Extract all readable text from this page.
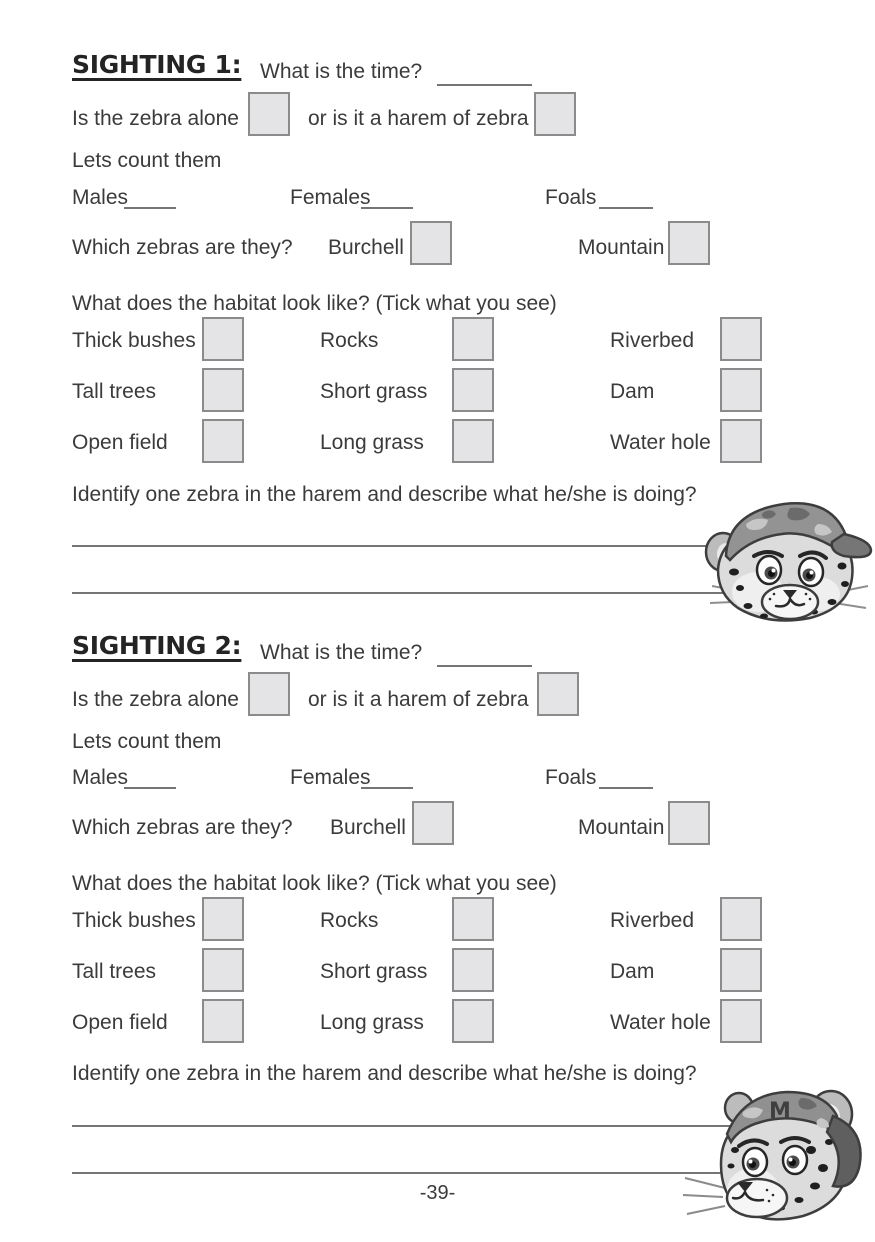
SIGHTING 1: What is the time?
Is the zebra alone	or is it a harem of zebra
Lets count them
Males	Females	Foals
Which zebras are they? Burchell	Mountain
What does the habitat look like? (Tick what you see)
Thick bushes	Rocks	Riverbed
Tall trees	Short grass	Dam
Open field	Long grass	Water hole
Identify one zebra in the harem and describe what he/she is doing?
SIGHTING 2: What is the time?
Is the zebra alone	or is it a harem of zebra
Lets count them
Males	Females	Foals
Which zebras are they? Burchell	Mountain
What does the habitat look like? (Tick what you see)
Thick bushes	Rocks	Riverbed
Tall trees	Short grass	Dam
Open field	Long grass	Water hole
Identify one zebra in the harem and describe what he/she is doing?
M
-39-
